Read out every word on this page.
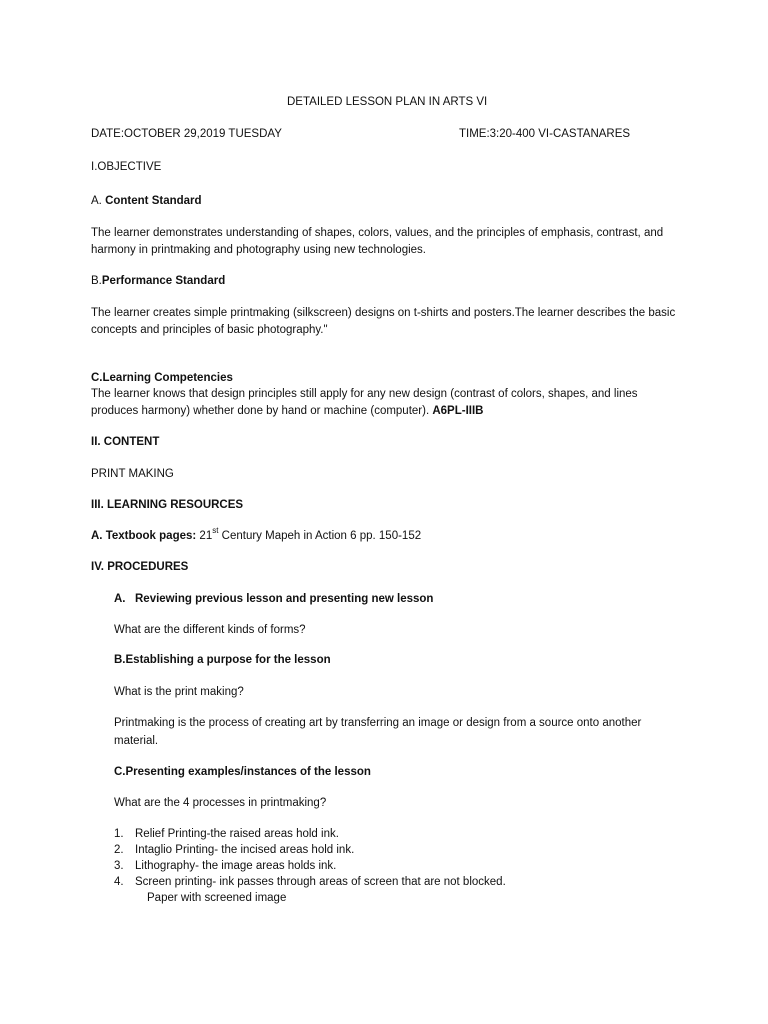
DETAILED LESSON PLAN IN ARTS VI
DATE:OCTOBER 29,2019 TUESDAY	TIME:3:20-400 VI-CASTANARES
I.OBJECTIVE
A. Content Standard
The learner demonstrates understanding of shapes, colors, values, and the principles of emphasis, contrast, and
harmony in printmaking and photography using new technologies.
B.Performance Standard
The learner creates simple printmaking (silkscreen) designs on t-shirts and posters.The learner describes the basic
concepts and principles of basic photography."
C.Learning Competencies
The learner knows that design principles still apply for any new design (contrast of colors, shapes, and lines
produces harmony) whether done by hand or machine (computer). A6PL-IIIB
II. CONTENT
PRINT MAKING
III. LEARNING RESOURCES
A. Textbook pages: 21st Century Mapeh in Action 6 pp. 150-152
IV. PROCEDURES
A. Reviewing previous lesson and presenting new lesson
What are the different kinds of forms?
B.Establishing a purpose for the lesson
What is the print making?
Printmaking is the process of creating art by transferring an image or design from a source onto another
material.
C.Presenting examples/instances of the lesson
What are the 4 processes in printmaking?
1. Relief Printing-the raised areas hold ink.
2. Intaglio Printing- the incised areas hold ink.
3. Lithography- the image areas holds ink.
4. Screen printing- ink passes through areas of screen that are not blocked.
Paper with screened image
